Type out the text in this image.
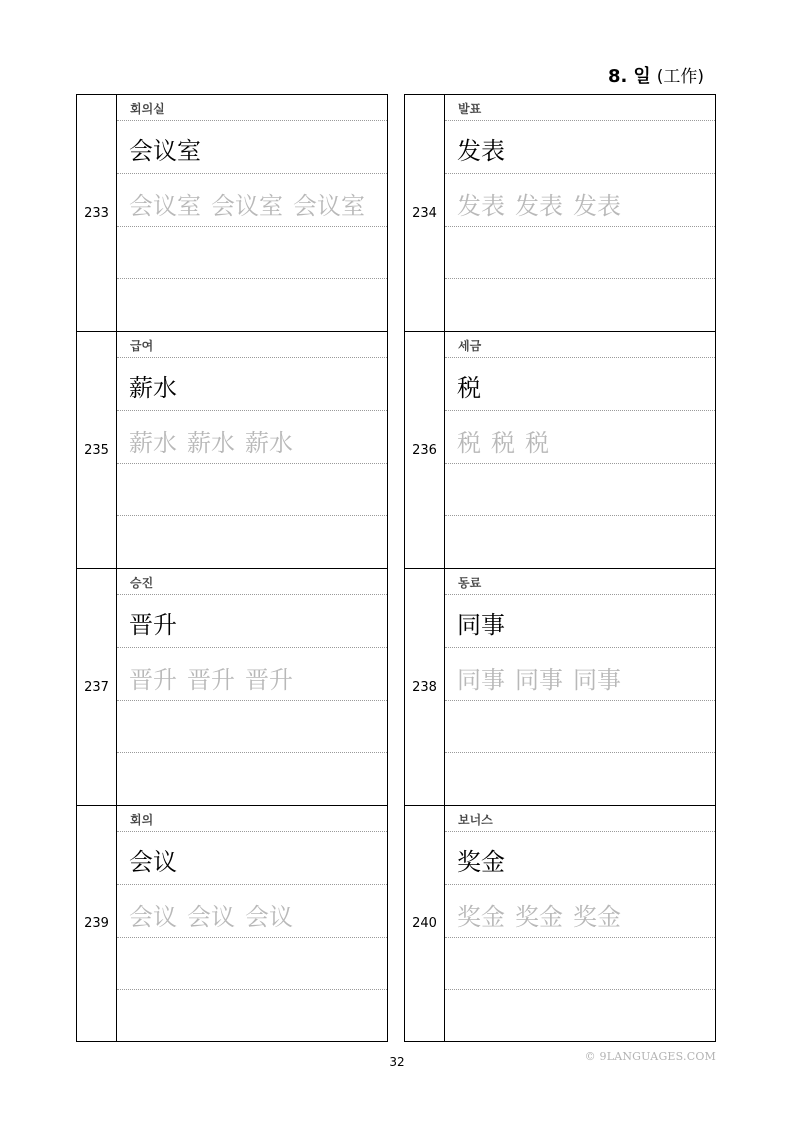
8. 일 (工作)
233
회의실
会议室
会议室 会议室 会议室
235
급여
薪水
薪水 薪水 薪水
237
승진
晋升
晋升 晋升 晋升
239
회의
会议
会议 会议 会议
234
발표
发表
发表 发表 发表
236
세금
税
税 税 税
238
동료
同事
同事 同事 同事
240
보너스
奖金
奖金 奖金 奖金
32	© 9LANGUAGES.COM
